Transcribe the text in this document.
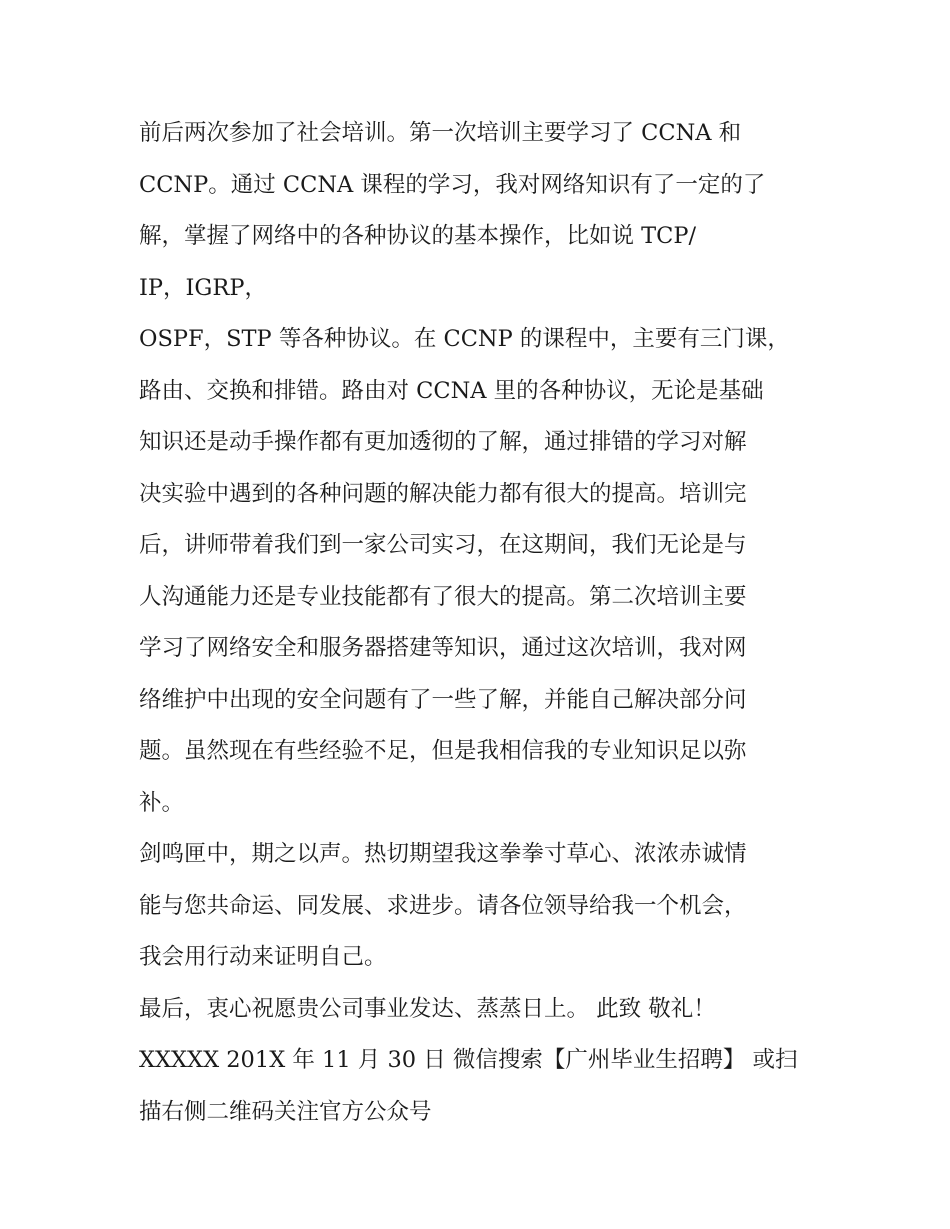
前后两次参加了社会培训。第一次培训主要学习了 CCNA 和
CCNP。通过 CCNA 课程的学习，我对网络知识有了一定的了
解，掌握了网络中的各种协议的基本操作，比如说 TCP/
IP，IGRP，
OSPF，STP 等各种协议。在 CCNP 的课程中，主要有三门课，
路由、交换和排错。路由对 CCNA 里的各种协议，无论是基础
知识还是动手操作都有更加透彻的了解，通过排错的学习对解
决实验中遇到的各种问题的解决能力都有很大的提高。培训完
后，讲师带着我们到一家公司实习，在这期间，我们无论是与
人沟通能力还是专业技能都有了很大的提高。第二次培训主要
学习了网络安全和服务器搭建等知识，通过这次培训，我对网
络维护中出现的安全问题有了一些了解，并能自己解决部分问
题。虽然现在有些经验不足，但是我相信我的专业知识足以弥
补。
剑鸣匣中，期之以声。热切期望我这拳拳寸草心、浓浓赤诚情
能与您共命运、同发展、求进步。请各位领导给我一个机会，
我会用行动来证明自己。
最后，衷心祝愿贵公司事业发达、蒸蒸日上。 此致 敬礼！
XXXXX 201X 年 11 月 30 日 微信搜索【广州毕业生招聘】 或扫
描右侧二维码关注官方公众号
